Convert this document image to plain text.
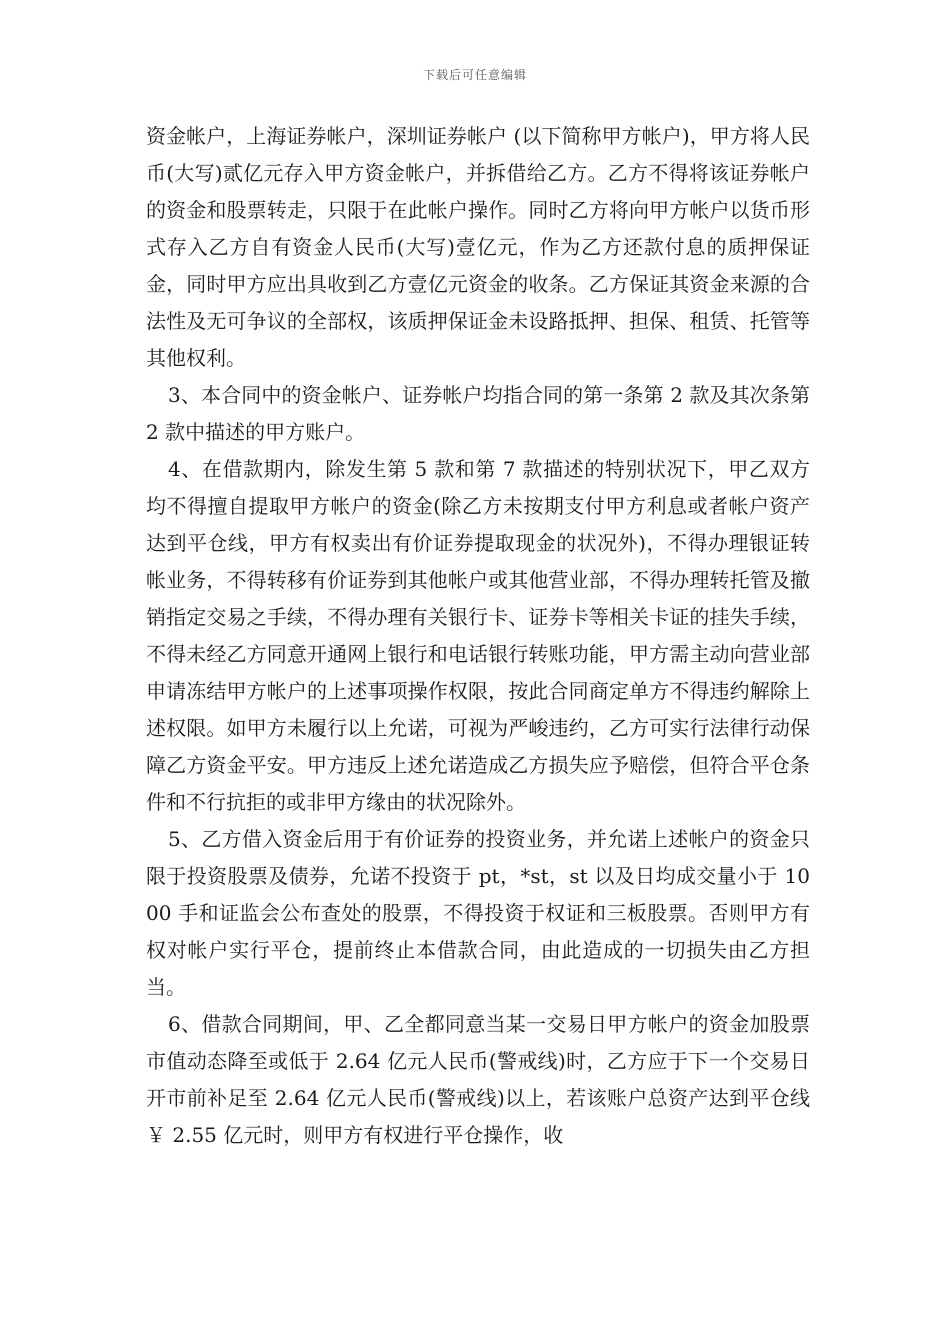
下载后可任意编辑

资金帐户，上海证券帐户，深圳证券帐户 (以下简称甲方帐户)，甲方将人民币(大写)贰亿元存入甲方资金帐户，并拆借给乙方。乙方不得将该证券帐户的资金和股票转走，只限于在此帐户操作。同时乙方将向甲方帐户以货币形式存入乙方自有资金人民币(大写)壹亿元，作为乙方还款付息的质押保证金，同时甲方应出具收到乙方壹亿元资金的收条。乙方保证其资金来源的合法性及无可争议的全部权，该质押保证金未设路抵押、担保、租赁、托管等其他权利。

3、本合同中的资金帐户、证券帐户均指合同的第一条第 2 款及其次条第 2 款中描述的甲方账户。

4、在借款期内，除发生第 5 款和第 7 款描述的特别状况下，甲乙双方均不得擅自提取甲方帐户的资金(除乙方未按期支付甲方利息或者帐户资产达到平仓线，甲方有权卖出有价证券提取现金的状况外)，不得办理银证转帐业务，不得转移有价证券到其他帐户或其他营业部，不得办理转托管及撤销指定交易之手续，不得办理有关银行卡、证券卡等相关卡证的挂失手续，不得未经乙方同意开通网上银行和电话银行转账功能，甲方需主动向营业部申请冻结甲方帐户的上述事项操作权限，按此合同商定单方不得违约解除上述权限。如甲方未履行以上允诺，可视为严峻违约，乙方可实行法律行动保障乙方资金平安。甲方违反上述允诺造成乙方损失应予赔偿，但符合平仓条件和不行抗拒的或非甲方缘由的状况除外。

5、乙方借入资金后用于有价证券的投资业务，并允诺上述帐户的资金只限于投资股票及债券，允诺不投资于 pt，*st，st 以及日均成交量小于 1000 手和证监会公布查处的股票，不得投资于权证和三板股票。否则甲方有权对帐户实行平仓，提前终止本借款合同，由此造成的一切损失由乙方担当。

6、借款合同期间，甲、乙全都同意当某一交易日甲方帐户的资金加股票市值动态降至或低于 2.64 亿元人民币(警戒线)时，乙方应于下一个交易日开市前补足至 2.64 亿元人民币(警戒线)以上，若该账户总资产达到平仓线￥ 2.55 亿元时，则甲方有权进行平仓操作，收
